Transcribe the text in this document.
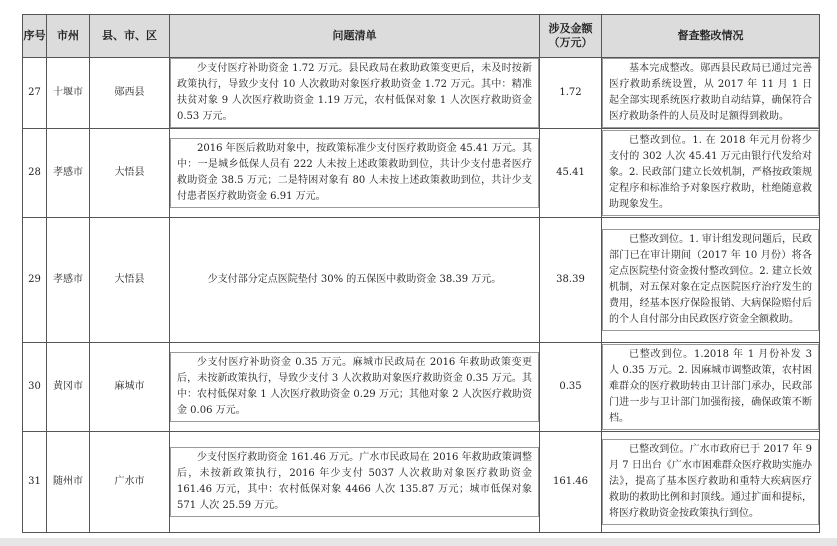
序号	市州	县、市、区	问题清单	涉及金额（万元）	督查整改情况
27	十堰市	郧西县	少支付医疗补助资金 1.72 万元。县民政局在救助政策变更后，未及时按新政策执行，导致少支付 10 人次救助对象医疗救助资金 1.72 万元。其中：精准扶贫对象 9 人次医疗救助资金 1.19 万元，农村低保对象 1 人次医疗救助资金 0.53 万元。	1.72	基本完成整改。郧西县民政局已通过完善医疗救助系统设置，从 2017 年 11 月 1 日起全部实现系统医疗救助自动结算，确保符合医疗救助条件的人员及时足额得到救助。

28	孝感市	大悟县	2016 年医后救助对象中，按政策标准少支付医疗救助资金 45.41 万元。其中：一是城乡低保人员有 222 人未按上述政策救助到位，共计少支付患者医疗救助资金 38.5 万元；二是特困对象有 80 人未按上述政策救助到位，共计少支付患者医疗救助资金 6.91 万元。	45.41	已整改到位。1. 在 2018 年元月份将少支付的 302 人次 45.41 万元由银行代发给对象。2. 民政部门建立长效机制，严格按政策规定程序和标准给予对象医疗救助，杜绝随意救助现象发生。

29	孝感市	大悟县	少支付部分定点医院垫付 30% 的五保医中救助资金 38.39 万元。	38.39	已整改到位。1. 审计组发现问题后，民政部门已在审计期间（2017 年 10 月份）将各定点医院垫付资金拨付整改到位。2. 建立长效机制，对五保对象在定点医院医疗治疗发生的费用，经基本医疗保险报销、大病保险赔付后的个人自付部分由民政医疗资金全额救助。

30	黄冈市	麻城市	少支付医疗补助资金 0.35 万元。麻城市民政局在 2016 年救助政策变更后，未按新政策执行，导致少支付 3 人次救助对象医疗救助资金 0.35 万元。其中：农村低保对象 1 人次医疗救助资金 0.29 万元；其他对象 2 人次医疗救助资金 0.06 万元。	0.35	已整改到位。1.2018 年 1 月份补发 3 人 0.35 万元。2. 因麻城市调整政策，农村困难群众的医疗救助转由卫计部门承办，民政部门进一步与卫计部门加强衔接，确保政策不断档。

31	随州市	广水市	少支付医疗救助资金 161.46 万元。广水市民政局在 2016 年救助政策调整后，未按新政策执行，2016 年少支付 5037 人次救助对象医疗救助资金 161.46 万元，其中：农村低保对象 4466 人次 135.87 万元；城市低保对象 571 人次 25.59 万元。	161.46	已整改到位。广水市政府已于 2017 年 9 月 7 日出台《广水市困难群众医疗救助实施办法》，提高了基本医疗救助和重特大疾病医疗救助的救助比例和封顶线。通过扩面和提标，将医疗救助资金按政策执行到位。
